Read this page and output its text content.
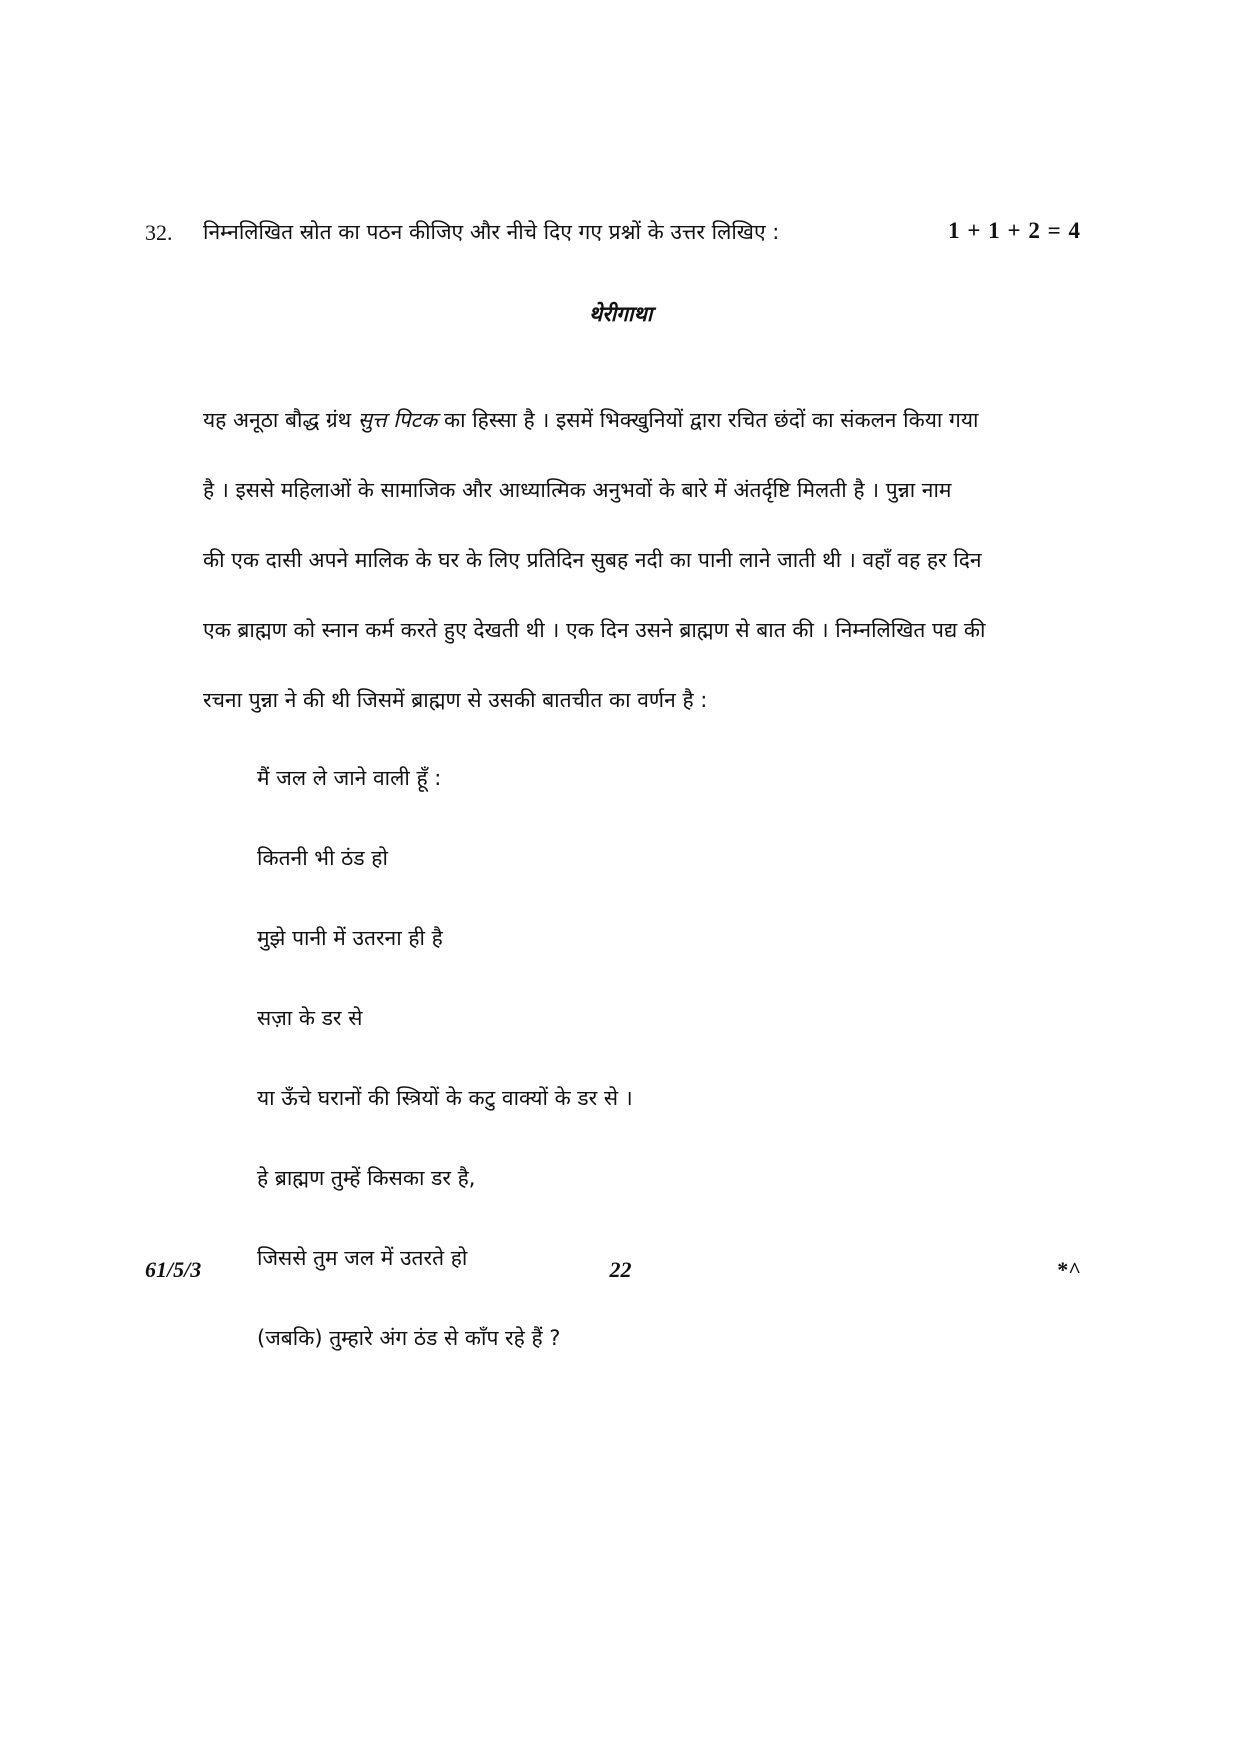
32. निम्नलिखित स्रोत का पठन कीजिए और नीचे दिए गए प्रश्नों के उत्तर लिखिए :	1 + 1 + 2 = 4
थेरीगाथा
यह अनूठा बौद्ध ग्रंथ सुत्त पिटक का हिस्सा है । इसमें भिक्खुनियों द्वारा रचित छंदों का संकलन किया गया
है । इससे महिलाओं के सामाजिक और आध्यात्मिक अनुभवों के बारे में अंतर्दृष्टि मिलती है । पुन्ना नाम
की एक दासी अपने मालिक के घर के लिए प्रतिदिन सुबह नदी का पानी लाने जाती थी । वहाँ वह हर दिन
एक ब्राह्मण को स्नान कर्म करते हुए देखती थी । एक दिन उसने ब्राह्मण से बात की । निम्नलिखित पद्य की
रचना पुन्ना ने की थी जिसमें ब्राह्मण से उसकी बातचीत का वर्णन है :
मैं जल ले जाने वाली हूँ :
कितनी भी ठंड हो
मुझे पानी में उतरना ही है
सज़ा के डर से
या ऊँचे घरानों की स्त्रियों के कटु वाक्यों के डर से ।
हे ब्राह्मण तुम्हें किसका डर है,
जिससे तुम जल में उतरते हो
(जबकि) तुम्हारे अंग ठंड से काँप रहे हैं ?
61/5/3	22	*^
